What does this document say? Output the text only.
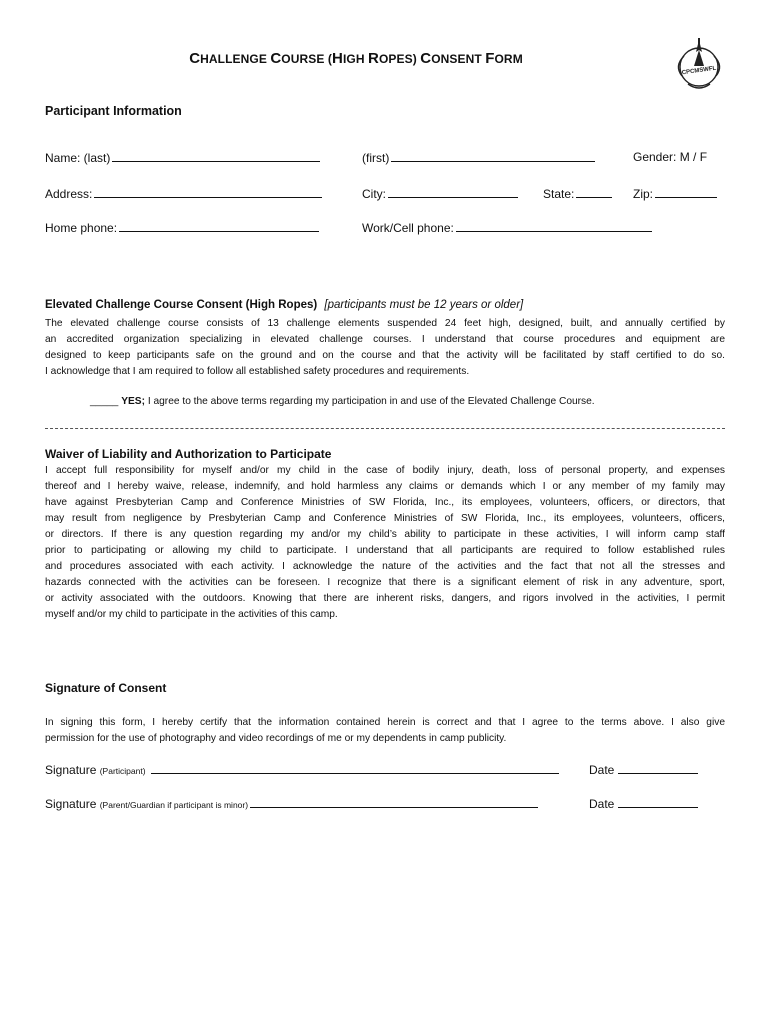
CHALLENGE COURSE (HIGH ROPES) CONSENT FORM
CPCMSWFL
Participant Information
Name: (last)	(first)	Gender: M / F
Address:	City:	State:	Zip:
Home phone:	Work/Cell phone:
Elevated Challenge Course Consent (High Ropes) [participants must be 12 years or older]
The elevated challenge course consists of 13 challenge elements suspended 24 feet high, designed, built, and annually certified by
an accredited organization specializing in elevated challenge courses. I understand that course procedures and equipment are
designed to keep participants safe on the ground and on the course and that the activity will be facilitated by staff certified to do so.
I acknowledge that I am required to follow all established safety procedures and requirements.
_____ YES; I agree to the above terms regarding my participation in and use of the Elevated Challenge Course.
Waiver of Liability and Authorization to Participate
I accept full responsibility for myself and/or my child in the case of bodily injury, death, loss of personal property, and expenses
thereof and I hereby waive, release, indemnify, and hold harmless any claims or demands which I or any member of my family may
have against Presbyterian Camp and Conference Ministries of SW Florida, Inc., its employees, volunteers, officers, or directors, that
may result from negligence by Presbyterian Camp and Conference Ministries of SW Florida, Inc., its employees, volunteers, officers,
or directors. If there is any question regarding my and/or my child’s ability to participate in these activities, I will inform camp staff
prior to participating or allowing my child to participate. I understand that all participants are required to follow established rules
and procedures associated with each activity. I acknowledge the nature of the activities and the fact that not all the stresses and
hazards connected with the activities can be foreseen. I recognize that there is a significant element of risk in any adventure, sport,
or activity associated with the outdoors. Knowing that there are inherent risks, dangers, and rigors involved in the activities, I permit
myself and/or my child to participate in the activities of this camp.
Signature of Consent
In signing this form, I hereby certify that the information contained herein is correct and that I agree to the terms above. I also give
permission for the use of photography and video recordings of me or my dependents in camp publicity.
Signature (Participant)	Date
Signature (Parent/Guardian if participant is minor)	Date
